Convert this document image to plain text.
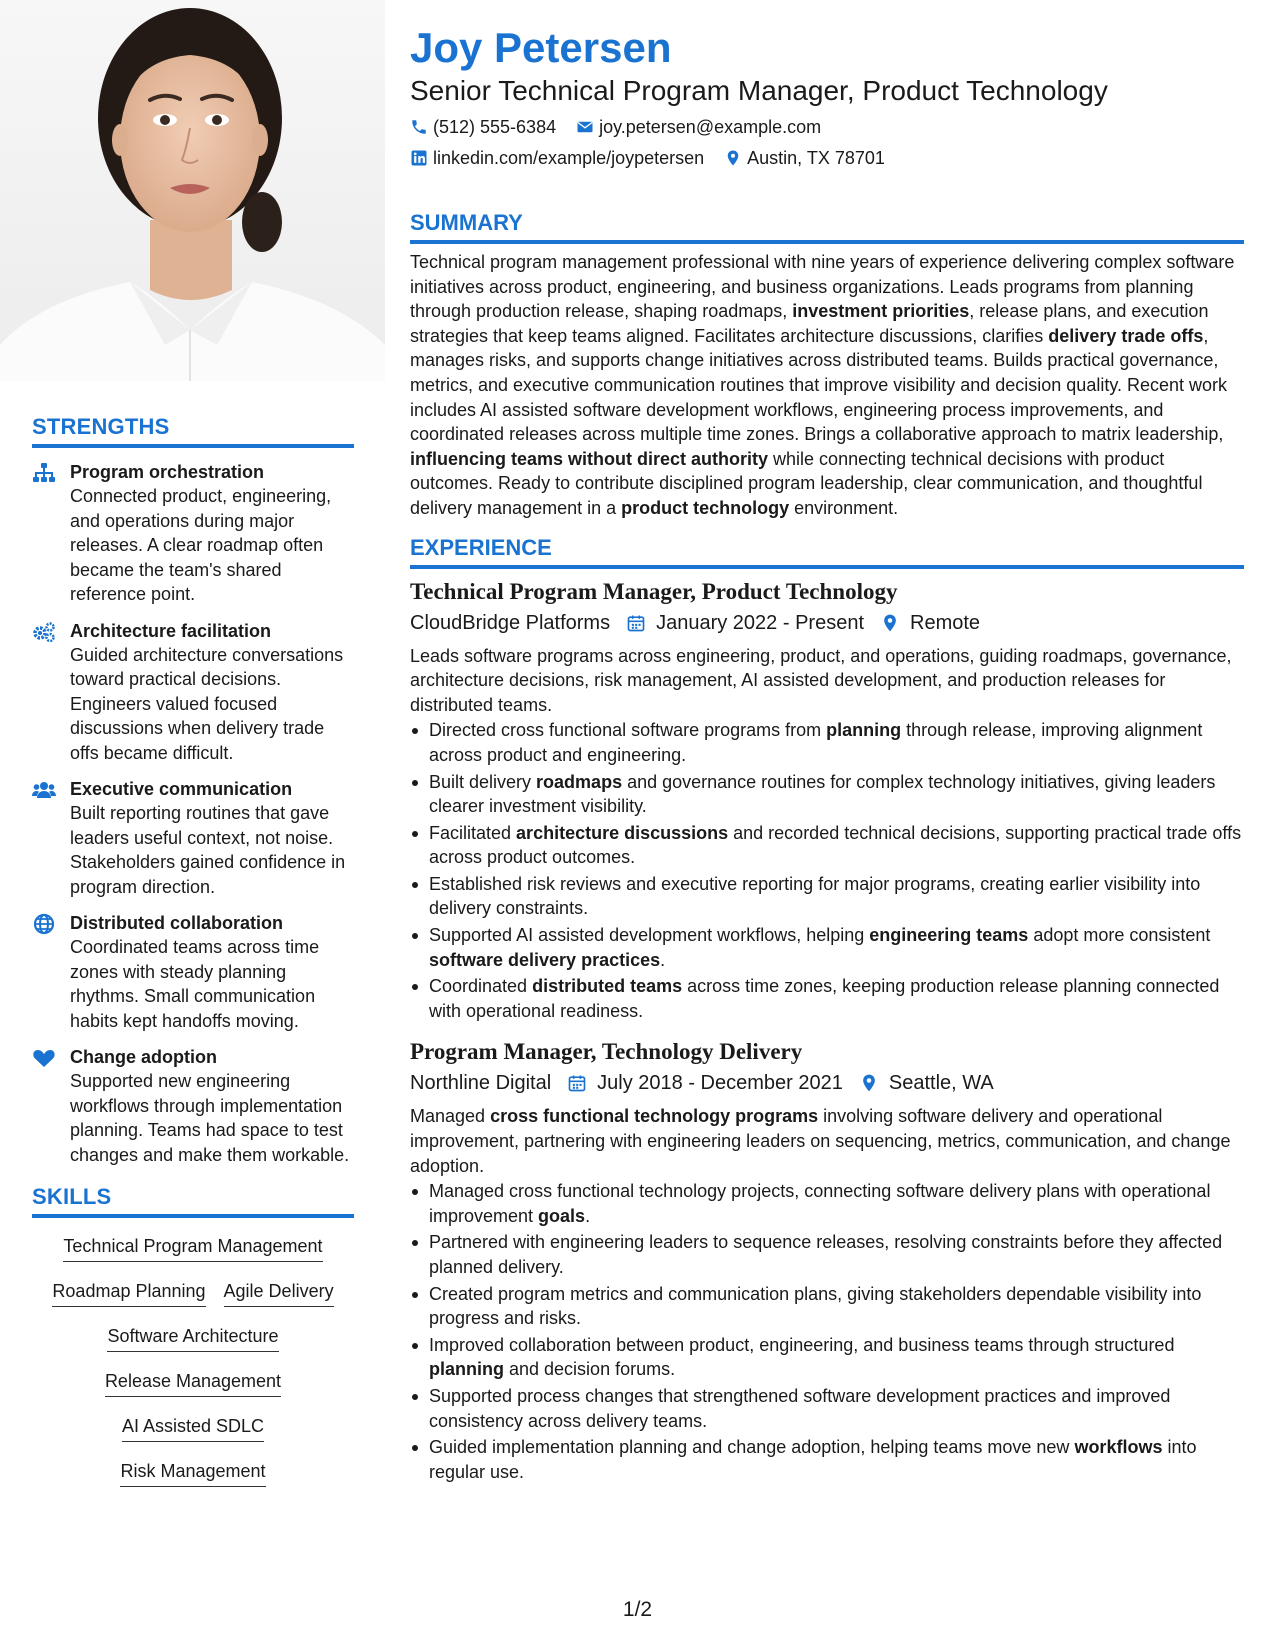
STRENGTHS
Program orchestration
Connected product, engineering, and operations during major releases. A clear roadmap often became the team's shared reference point.
Architecture facilitation
Guided architecture conversations toward practical decisions. Engineers valued focused discussions when delivery trade offs became difficult.
Executive communication
Built reporting routines that gave leaders useful context, not noise. Stakeholders gained confidence in program direction.
Distributed collaboration
Coordinated teams across time zones with steady planning rhythms. Small communication habits kept handoffs moving.
Change adoption
Supported new engineering workflows through implementation planning. Teams had space to test changes and make them workable.
SKILLS
Technical Program Management
Roadmap Planning Agile Delivery
Software Architecture
Release Management
AI Assisted SDLC
Risk Management
Joy Petersen
Senior Technical Program Manager, Product Technology
(512) 555-6384 joy.petersen@example.com
linkedin.com/example/joypetersen Austin, TX 78701
SUMMARY

Technical program management professional with nine years of experience delivering complex software initiatives across product, engineering, and business organizations. Leads programs from planning through production release, shaping roadmaps, investment priorities, release plans, and execution strategies that keep teams aligned. Facilitates architecture discussions, clarifies delivery trade offs, manages risks, and supports change initiatives across distributed teams. Builds practical governance, metrics, and executive communication routines that improve visibility and decision quality. Recent work includes AI assisted software development workflows, engineering process improvements, and coordinated releases across multiple time zones. Brings a collaborative approach to matrix leadership, influencing teams without direct authority while connecting technical decisions with product outcomes. Ready to contribute disciplined program leadership, clear communication, and thoughtful delivery management in a product technology environment.

EXPERIENCE
Technical Program Manager, Product Technology
CloudBridge Platforms January 2022 - Present Remote

Leads software programs across engineering, product, and operations, guiding roadmaps, governance, architecture decisions, risk management, AI assisted development, and production releases for distributed teams.

Directed cross functional software programs from planning through release, improving alignment across product and engineering.
Built delivery roadmaps and governance routines for complex technology initiatives, giving leaders clearer investment visibility.
Facilitated architecture discussions and recorded technical decisions, supporting practical trade offs across product outcomes.
Established risk reviews and executive reporting for major programs, creating earlier visibility into delivery constraints.
Supported AI assisted development workflows, helping engineering teams adopt more consistent software delivery practices.
Coordinated distributed teams across time zones, keeping production release planning connected with operational readiness.
Program Manager, Technology Delivery
Northline Digital July 2018 - December 2021 Seattle, WA

Managed cross functional technology programs involving software delivery and operational improvement, partnering with engineering leaders on sequencing, metrics, communication, and change adoption.

Managed cross functional technology projects, connecting software delivery plans with operational improvement goals.
Partnered with engineering leaders to sequence releases, resolving constraints before they affected planned delivery.
Created program metrics and communication plans, giving stakeholders dependable visibility into progress and risks.
Improved collaboration between product, engineering, and business teams through structured planning and decision forums.
Supported process changes that strengthened software development practices and improved consistency across delivery teams.
Guided implementation planning and change adoption, helping teams move new workflows into regular use.
1/2
